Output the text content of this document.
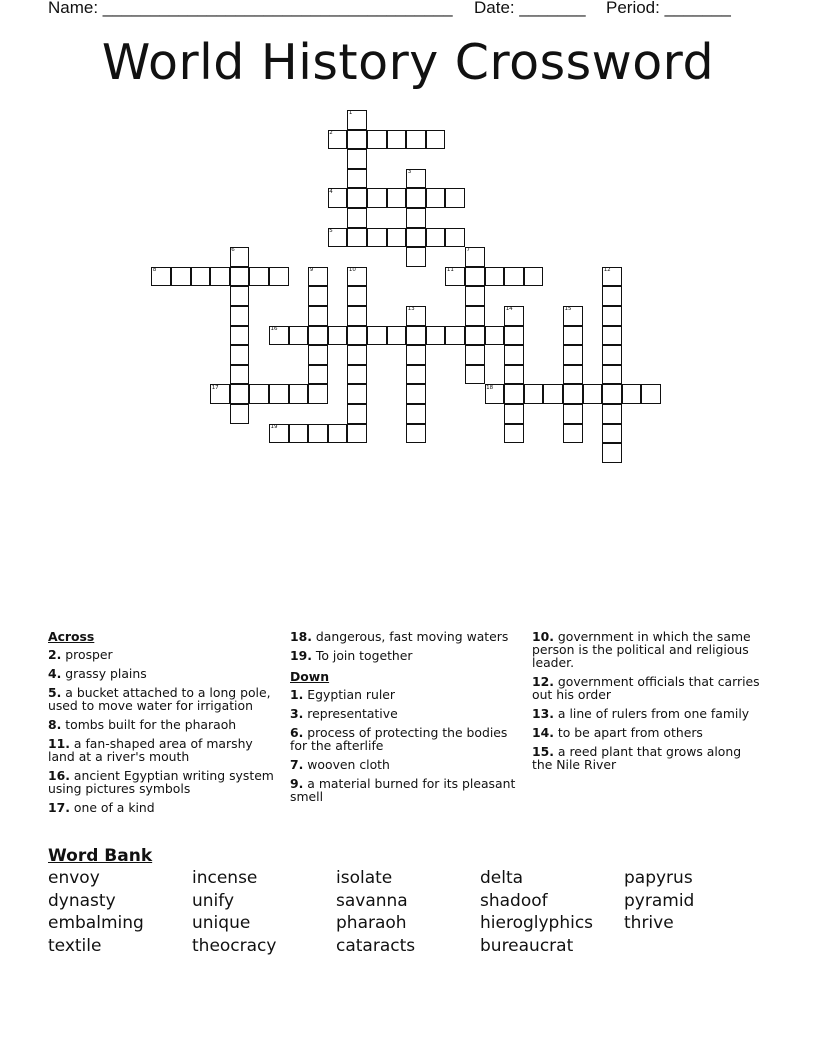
Name: _____________________________________ Date: _______ Period: _______
World History Crossword
1
2
3
4
5
6	7
8	9	10	11	12
13	14	15
16
17	18
19
Across
2. prosper
4. grassy plains
5. a bucket attached to a long pole, used to move water for irrigation
8. tombs built for the pharaoh
11. a fan-shaped area of marshy land at a river's mouth
16. ancient Egyptian writing system using pictures symbols
17. one of a kind
18. dangerous, fast moving waters
19. To join together
Down
1. Egyptian ruler
3. representative
6. process of protecting the bodies for the afterlife
7. wooven cloth
9. a material burned for its pleasant smell
10. government in which the same person is the political and religious leader.
12. government officials that carries out his order
13. a line of rulers from one family
14. to be apart from others
15. a reed plant that grows along the Nile River
Word Bank
envoy	incense	isolate	delta	papyrus
dynasty	unify	savanna	shadoof	pyramid
embalming	unique	pharaoh	hieroglyphics	thrive
textile	theocracy	cataracts	bureaucrat
